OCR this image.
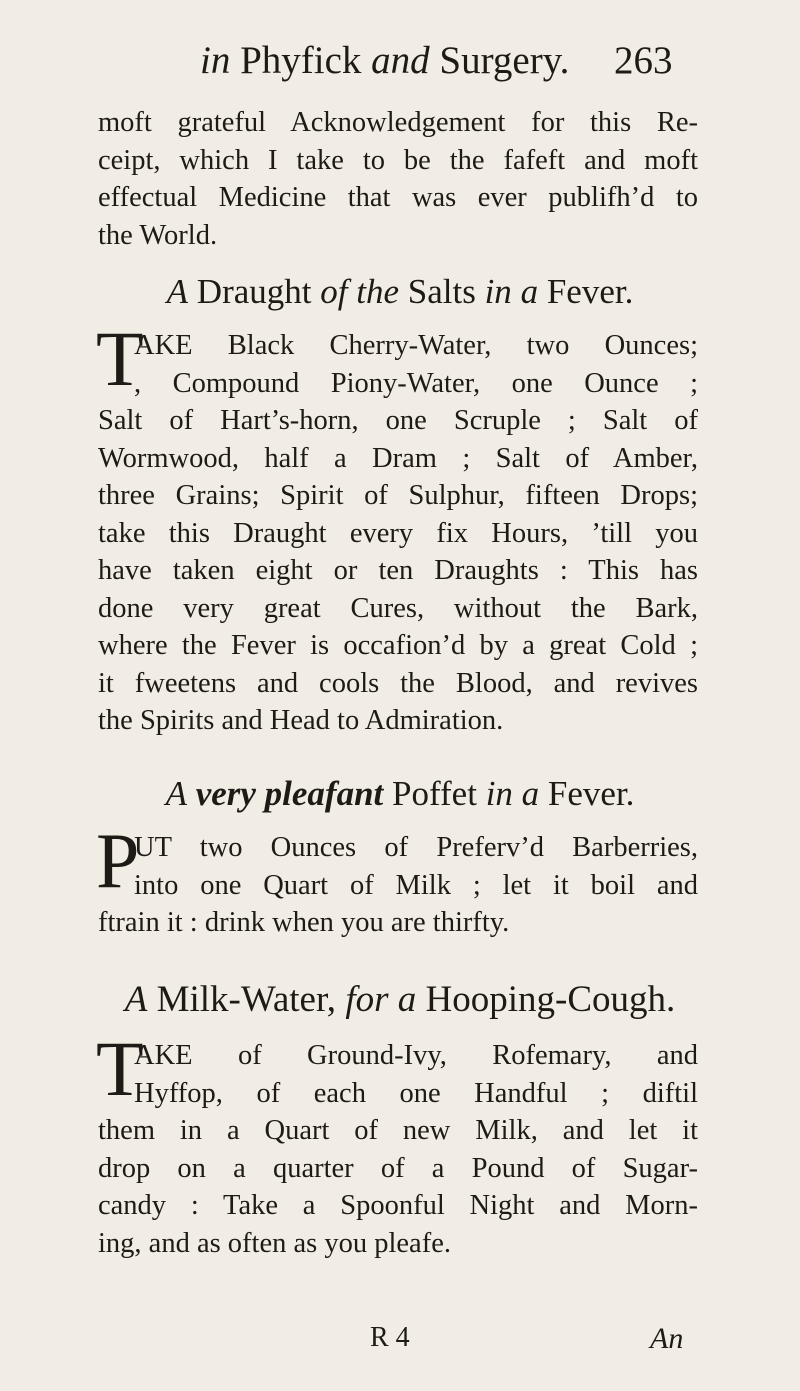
in Phyfick and Surgery. 263
moft grateful Acknowledgement for this Re-
ceipt, which I take to be the fafeft and moft
effectual Medicine that was ever publifh’d to
the World.
A Draught of the Salts in a Fever.
T
AKE Black Cherry-Water, two Ounces;
, Compound Piony-Water, one Ounce ;
Salt of Hart’s-horn, one Scruple ; Salt of
Wormwood, half a Dram ; Salt of Amber,
three Grains; Spirit of Sulphur, fifteen Drops;
take this Draught every fix Hours, ’till you
have taken eight or ten Draughts : This has
done very great Cures, without the Bark,
where the Fever is occafion’d by a great Cold ;
it fweetens and cools the Blood, and revives
the Spirits and Head to Admiration.
A very pleafant Poffet in a Fever.
P
UT two Ounces of Preferv’d Barberries,
into one Quart of Milk ; let it boil and
ftrain it : drink when you are thirfty.
A Milk-Water, for a Hooping-Cough.
T
AKE of Ground-Ivy, Rofemary, and
Hyffop, of each one Handful ; diftil
them in a Quart of new Milk, and let it
drop on a quarter of a Pound of Sugar-
candy : Take a Spoonful Night and Morn-
ing, and as often as you pleafe.
R 4	An
